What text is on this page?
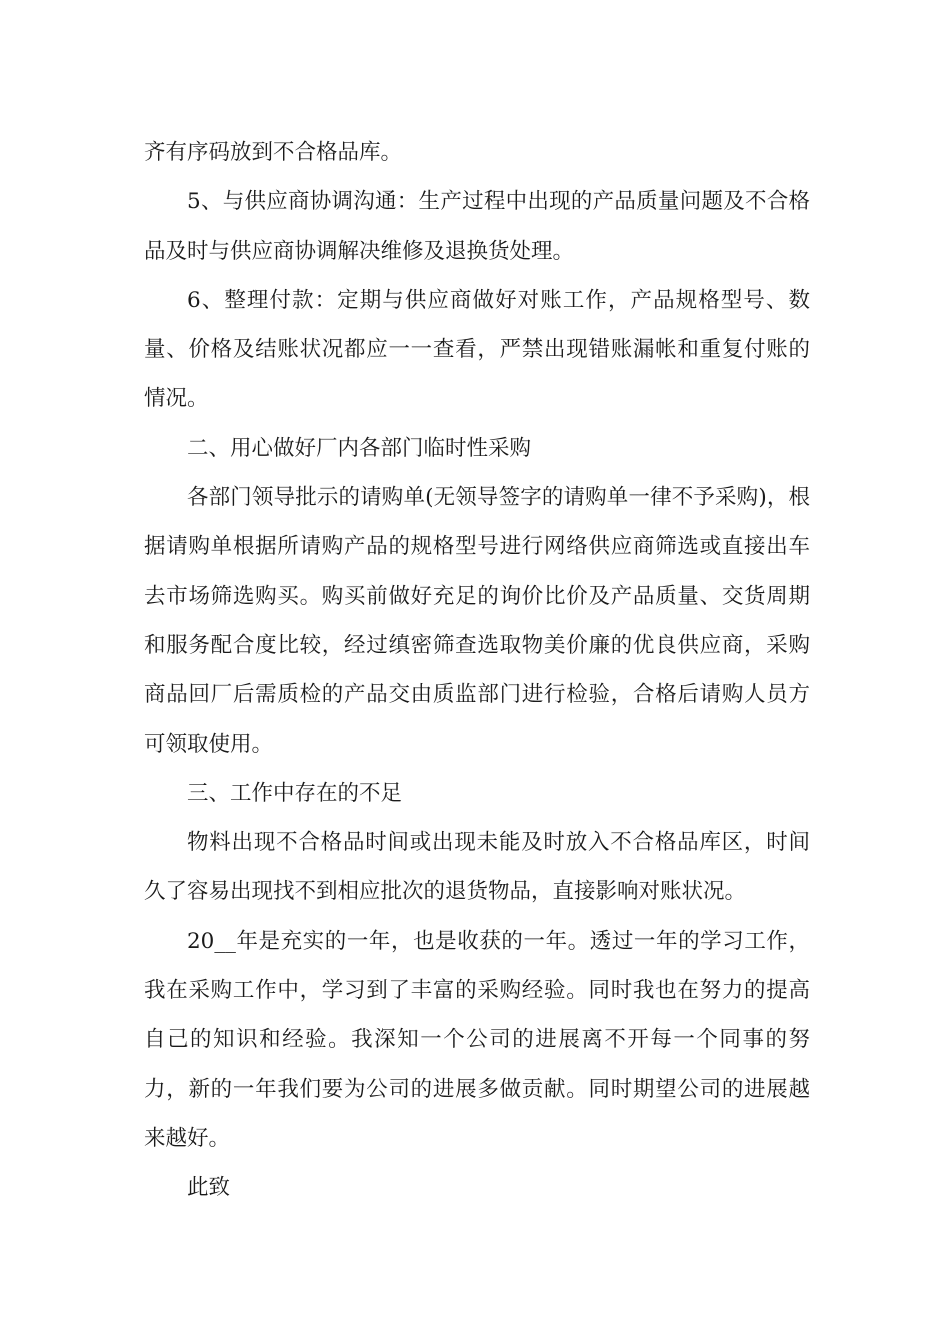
齐有序码放到不合格品库。

5、与供应商协调沟通：生产过程中出现的产品质量问题及不合格品及时与供应商协调解决维修及退换货处理。

6、整理付款：定期与供应商做好对账工作，产品规格型号、数量、价格及结账状况都应一一查看，严禁出现错账漏帐和重复付账的情况。

二、用心做好厂内各部门临时性采购

各部门领导批示的请购单(无领导签字的请购单一律不予采购)，根据请购单根据所请购产品的规格型号进行网络供应商筛选或直接出车去市场筛选购买。购买前做好充足的询价比价及产品质量、交货周期和服务配合度比较，经过缜密筛查选取物美价廉的优良供应商，采购商品回厂后需质检的产品交由质监部门进行检验，合格后请购人员方可领取使用。

三、工作中存在的不足

物料出现不合格品时间或出现未能及时放入不合格品库区，时间久了容易出现找不到相应批次的退货物品，直接影响对账状况。

20__年是充实的一年，也是收获的一年。透过一年的学习工作，我在采购工作中，学习到了丰富的采购经验。同时我也在努力的提高自己的知识和经验。我深知一个公司的进展离不开每一个同事的努力，新的一年我们要为公司的进展多做贡献。同时期望公司的进展越来越好。

此致
